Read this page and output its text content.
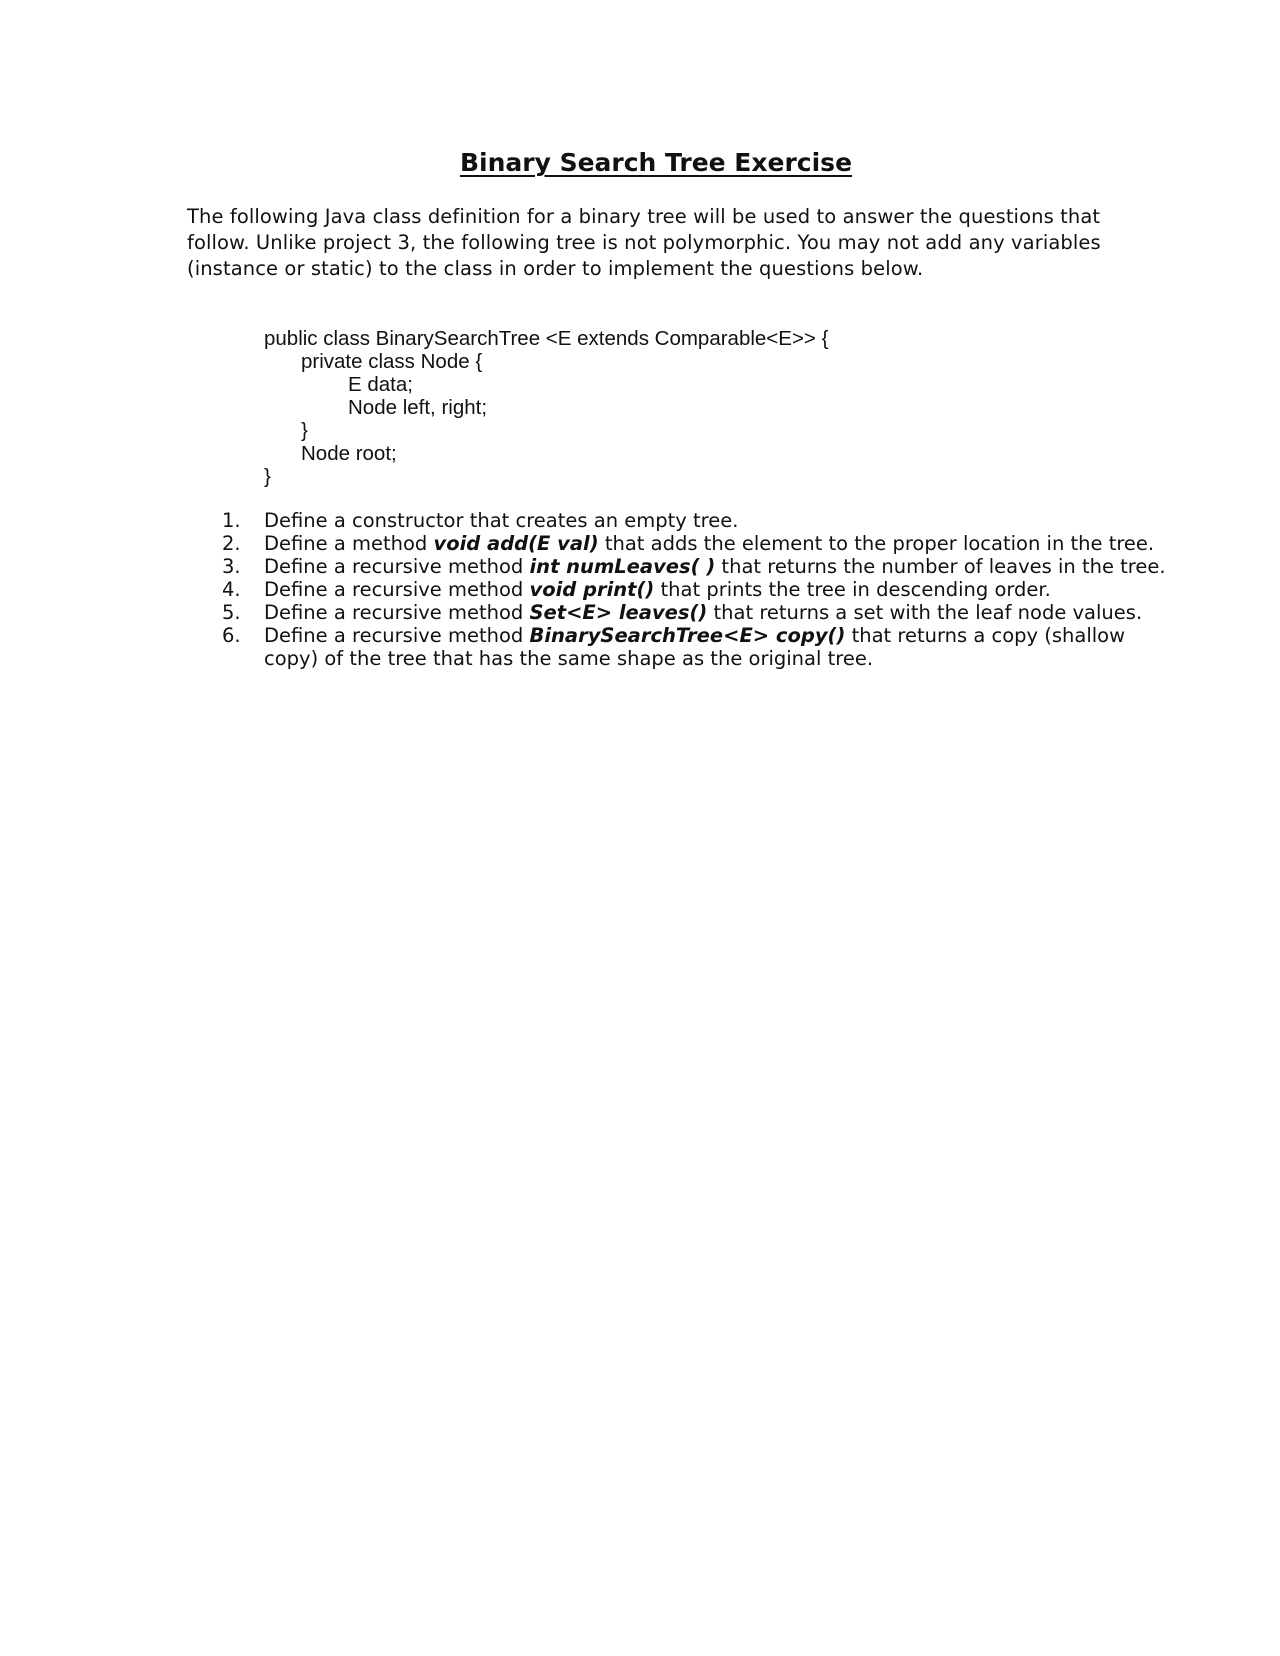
Binary Search Tree Exercise

The following Java class definition for a binary tree will be used to answer the questions that
follow. Unlike project 3, the following tree is not polymorphic. You may not add any variables
(instance or static) to the class in order to implement the questions below.

public class BinarySearchTree <E extends Comparable<E>> {
private class Node {
E data;
Node left, right;
}
Node root;
}
1.	Define a constructor that creates an empty tree.
2.	Define a method void add(E val) that adds the element to the proper location in the tree.
3.	Define a recursive method int numLeaves( ) that returns the number of leaves in the tree.
4.	Define a recursive method void print() that prints the tree in descending order.
5.	Define a recursive method Set<E> leaves() that returns a set with the leaf node values.
6.	Define a recursive method BinarySearchTree<E> copy() that returns a copy (shallow
copy) of the tree that has the same shape as the original tree.
